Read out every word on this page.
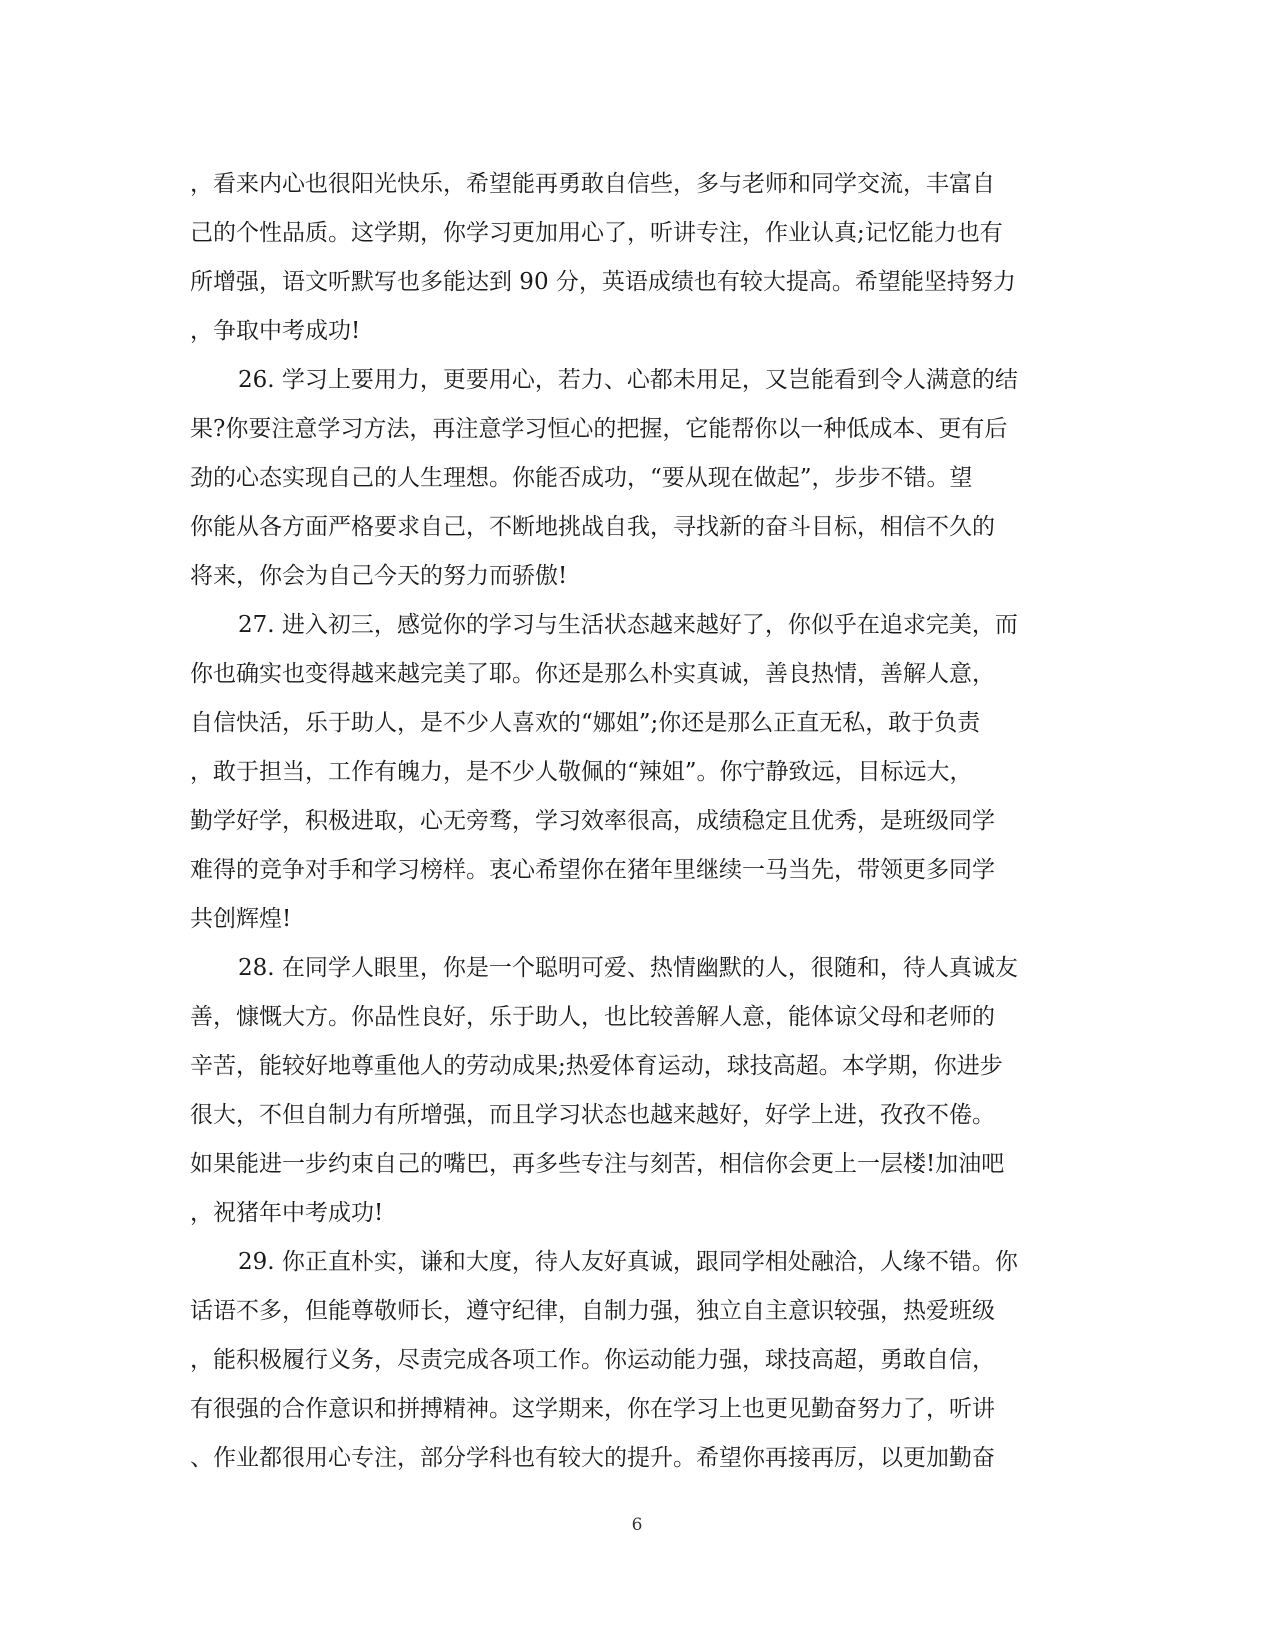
，看来内心也很阳光快乐，希望能再勇敢自信些，多与老师和同学交流，丰富自
己的个性品质。这学期，你学习更加用心了，听讲专注，作业认真;记忆能力也有
所增强，语文听默写也多能达到 90 分，英语成绩也有较大提高。希望能坚持努力
，争取中考成功!
26. 学习上要用力，更要用心，若力、心都未用足，又岂能看到令人满意的结
果?你要注意学习方法，再注意学习恒心的把握，它能帮你以一种低成本、更有后
劲的心态实现自己的人生理想。你能否成功，“要从现在做起”，步步不错。望
你能从各方面严格要求自己，不断地挑战自我，寻找新的奋斗目标，相信不久的
将来，你会为自己今天的努力而骄傲!
27. 进入初三，感觉你的学习与生活状态越来越好了，你似乎在追求完美，而
你也确实也变得越来越完美了耶。你还是那么朴实真诚，善良热情，善解人意，
自信快活，乐于助人，是不少人喜欢的“娜姐”;你还是那么正直无私，敢于负责
，敢于担当，工作有魄力，是不少人敬佩的“辣姐”。你宁静致远，目标远大，
勤学好学，积极进取，心无旁骛，学习效率很高，成绩稳定且优秀，是班级同学
难得的竞争对手和学习榜样。衷心希望你在猪年里继续一马当先，带领更多同学
共创辉煌!
28. 在同学人眼里，你是一个聪明可爱、热情幽默的人，很随和，待人真诚友
善，慷慨大方。你品性良好，乐于助人，也比较善解人意，能体谅父母和老师的
辛苦，能较好地尊重他人的劳动成果;热爱体育运动，球技高超。本学期，你进步
很大，不但自制力有所增强，而且学习状态也越来越好，好学上进，孜孜不倦。
如果能进一步约束自己的嘴巴，再多些专注与刻苦，相信你会更上一层楼!加油吧
，祝猪年中考成功!
29. 你正直朴实，谦和大度，待人友好真诚，跟同学相处融洽，人缘不错。你
话语不多，但能尊敬师长，遵守纪律，自制力强，独立自主意识较强，热爱班级
，能积极履行义务，尽责完成各项工作。你运动能力强，球技高超，勇敢自信，
有很强的合作意识和拼搏精神。这学期来，你在学习上也更见勤奋努力了，听讲
、作业都很用心专注，部分学科也有较大的提升。希望你再接再厉，以更加勤奋
6
